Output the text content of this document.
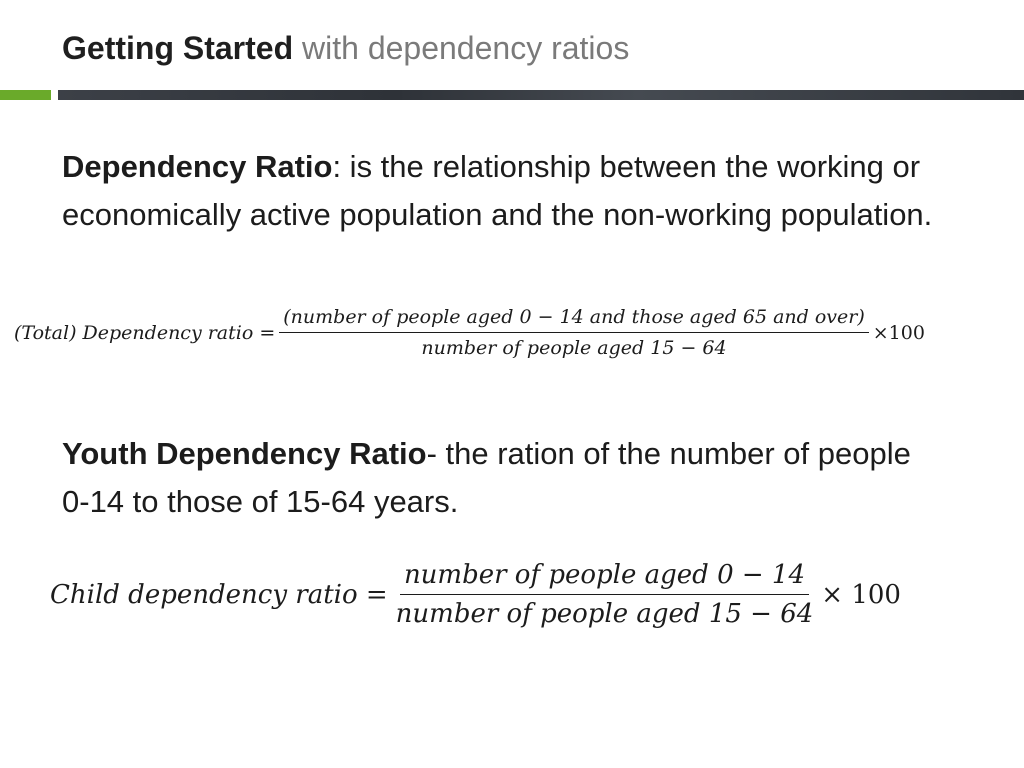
Getting Started with dependency ratios
Dependency Ratio: is the relationship between the working or economically active population and the non-working population.
(Total) Dependency ratio = $\frac{\text{(number of people aged 0 − 14 and those aged 65 and over)}}{\text{number of people aged 15 − 64}} \times 100$
Youth Dependency Ratio- the ration of the number of people 0-14 to those of 15-64 years.
Child dependency ratio = $\frac{\text{number of people aged 0 − 14}}{\text{number of people aged 15 − 64}} \times 100$
